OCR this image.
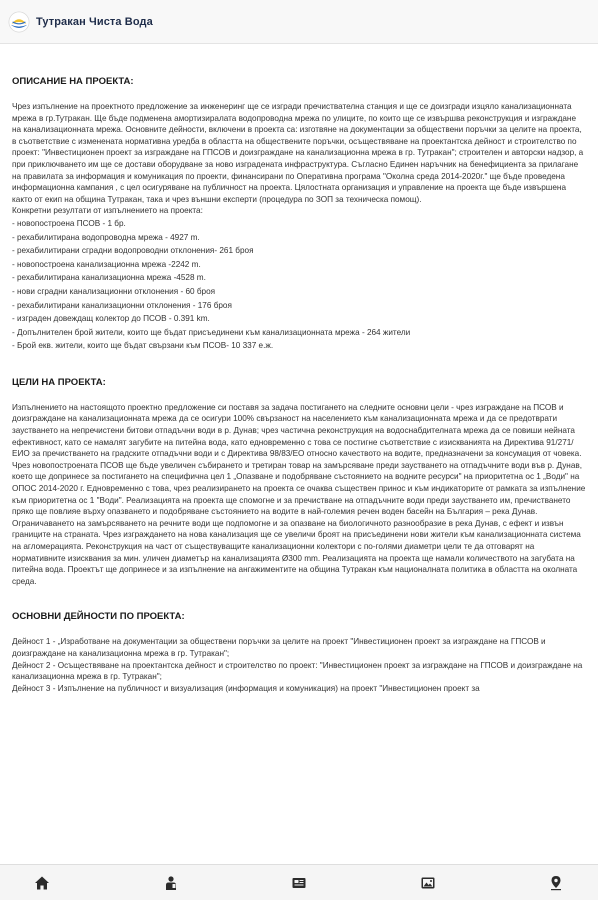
Тутракан Чиста Вода
ОПИСАНИЕ НА ПРОЕКТА:

Чрез изпълнение на проектното предложение за инженеринг ще се изгради пречиствателна станция и ще се доизгради изцяло канализационната мрежа в гр.Тутракан. Ще бъде подменена амортизиралата водопроводна мрежа по улиците, по които ще се извършва реконструкция и изграждане на канализационната мрежа. Основните дейности, включени в проекта са: изготвяне на документации за обществени поръчки за целите на проекта, в съответствие с изменената нормативна уредба в областта на обществените поръчки, осъществяване на проектантска дейност и строителство по проект: "Инвестиционен проект за изграждане на ГПСОВ и доизграждане на канализационна мрежа в гр. Тутракан"; строителен и авторски надзор, а при приключването им ще се достави оборудване за ново изградената инфраструктура. Съгласно Единен наръчник на бенефициента за прилагане на правилата за информация и комуникация по проекти, финансирани по Оперативна програма "Околна среда 2014-2020г." ще бъде проведена информационна кампания , с цел осигуряване на публичност на проекта. Цялостната организация и управление на проекта ще бъде извършена както от екип на община Тутракан, така и чрез външни експерти (процедура по ЗОП за техническа помощ).

Конкретни резултати от изпълнението на проекта:
- новопостроена ПСОВ - 1 бр.
- рехабилитирана водопроводна мрежа - 4927 m.
- рехабилитирани сградни водопроводни отклонения- 261 броя
- новопостроена канализационна мрежа -2242 m.
- рехабилитирана канализационна мрежа -4528 m.
- нови сградни канализационни отклонения - 60 броя
- рехабилитирани канализационни отклонения - 176 броя
- изграден довеждащ колектор до ПСОВ - 0.391 km.
- Допълнителен брой жители, които ще бъдат присъединени към канализационната мрежа - 264 жители
- Брой екв. жители, които ще бъдат свързани към ПСОВ- 10 337 е.ж.
ЦЕЛИ НА ПРОЕКТА:

Изпълнението на настоящото проектно предложение си поставя за задача постигането на следните основни цели - чрез изграждане на ПСОВ и доизграждане на канализационната мрежа да се осигури 100% свързаност на населението към канализационната мрежа и да се предотврати заустването на непречистени битови отпадъчни води в р. Дунав; чрез частична реконструкция на водоснабдителната мрежа да се повиши нейната ефективност, като се намалят загубите на питейна вода, като едновременно с това се постигне съответствие с изискванията на Директива 91/271/ЕИО за пречистването на градските отпадъчни води и с Директива 98/83/ЕО относно качеството на водите, предназначени за консумация от човека.

Чрез новопостроената ПСОВ ще бъде увеличен събирането и третиран товар на замърсяване преди заустването на отпадъчните води във р. Дунав, което ще допринесе за постигането на специфична цел 1 „Опазване и подобряване състоянието на водните ресурси" на приоритетна ос 1 „Води" на ОПОС 2014-2020 г. Едновременно с това, чрез реализирането на проекта се очаква съществен принос и към индикаторите от рамката за изпълнение към приоритетна ос 1 "Води". Реализацията на проекта ще спомогне и за пречистване на отпадъчните води преди заустването им, пречистването пряко ще повлияе върху опазването и подобряване състоянието на водите в най-големия речен воден басейн на България – река Дунав. Ограничаването на замърсяването на речните води ще подпомогне и за опазване на биологичното разнообразие в река Дунав, с ефект и извън границите на страната. Чрез изграждането на нова канализация ще се увеличи броят на присъединени нови жители към канализационната система на агломерацията. Реконструкция на част от съществуващите канализационни колектори с по-голями диаметри цели те да отговарят на нормативните изисквания за мин. уличен диаметър на канализацията Ø300 mm. Реализацията на проекта ще намали количеството на загубата на питейна вода. Проектът ще допринесе и за изпълнение на ангажиментите на община Тутракан към националната политика в областта на околната среда.

ОСНОВНИ ДЕЙНОСТИ ПО ПРОЕКТА:

Дейност 1 - „Изработване на документации за обществени поръчки за целите на проект "Инвестиционен проект за изграждане на ГПСОВ и доизграждане на канализационна мрежа в гр. Тутракан";

Дейност 2 - Осъществяване на проектантска дейност и строителство по проект: "Инвестиционен проект за изграждане на ГПСОВ и доизграждане на канализационна мрежа в гр. Тутракан";

Дейност 3 - Изпълнение на публичност и визуализация (информация и комуникация) на проект "Инвестиционен проект за
